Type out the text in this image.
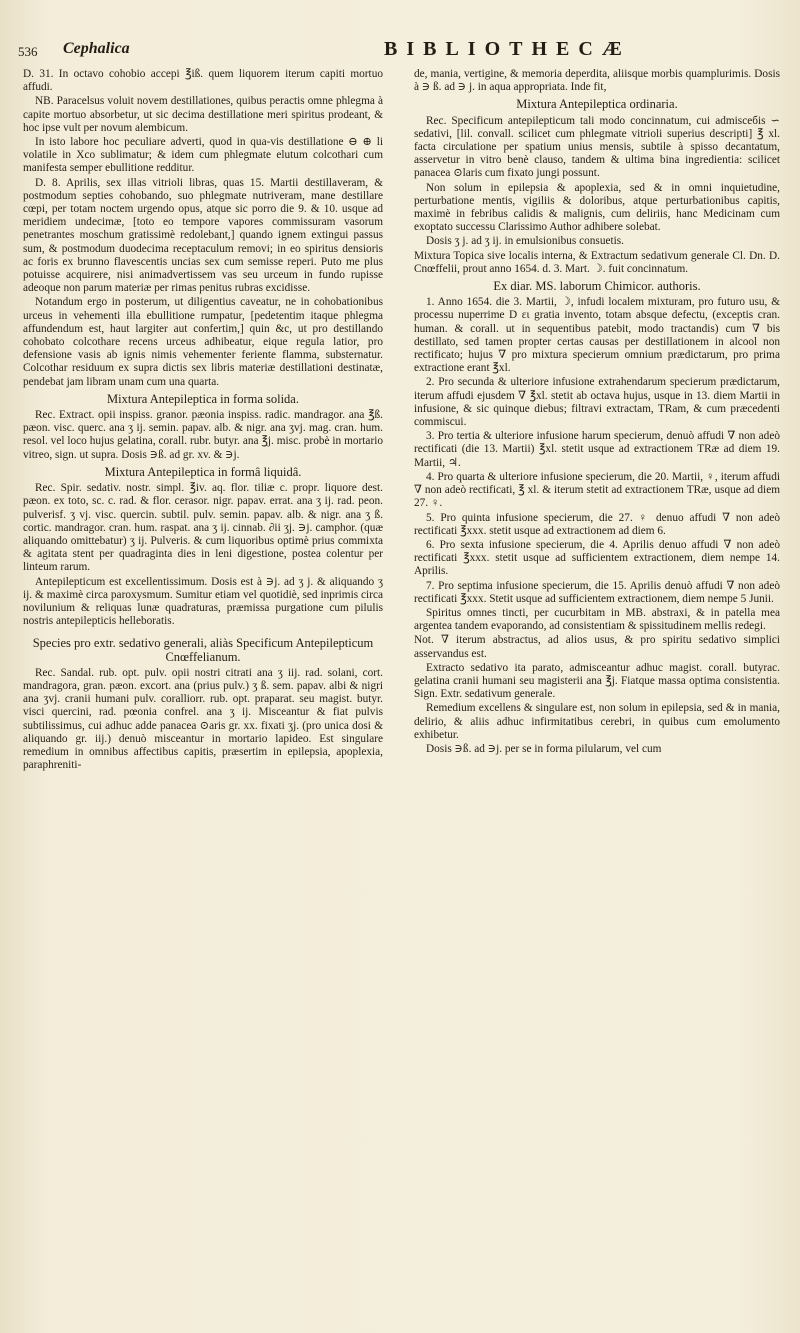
536 Cephalica	BIBLIOTHECÆ

D. 31. In octavo cohobio accepi ℥iß. quem liquorem iterum capiti mortuo affudi.

NB. Paracelsus voluit novem destillationes, quibus peractis omne phlegma à capite mortuo absorbetur, ut sic decima destillatione meri spiritus prodeant, & hoc ipse vult per novum alembicum.

In isto labore hoc peculiare adverti, quod in qua-vis destillatione ⊖ ⊕ li volatile in Xco sublimatur; & idem cum phlegmate elutum colcothari cum manifesta semper ebullitione redditur.

D. 8. Aprilis, sex illas vitrioli libras, quas 15. Martii destillaveram, & postmodum septies cohobando, suo phlegmate nutriveram, mane destillare cœpi, per totam noctem urgendo opus, atque sic porro die 9. & 10. usque ad meridiem undecimæ, [toto eo tempore vapores commissuram vasorum penetrantes moschum gratissimè redolebant,] quando ignem extingui passus sum, & postmodum duodecima receptaculum removi; in eo spiritus densioris ac foris ex brunno flavescentis uncias sex cum semisse reperi. Puto me plus potuisse acquirere, nisi animadvertissem vas seu urceum in fundo rupisse adeoque non parum materiæ per rimas penitus rubras excidisse.

Notandum ergo in posterum, ut diligentius caveatur, ne in cohobationibus urceus in vehementi illa ebullitione rumpatur, [pedetentim itaque phlegma affundendum est, haut largiter aut confertim,] quin &c, ut pro destillando cohobato colcothare recens urceus adhibeatur, eique regula latior, pro defensione vasis ab ignis nimis vehementer feriente flamma, substernatur. Colcothar residuum ex supra dictis sex libris materiæ destillationi destinatæ, pendebat jam libram unam cum una quarta.

Mixtura Antepileptica in forma solida.

Rec. Extract. opii inspiss. granor. pæonia inspiss. radic. mandragor. ana ℥ß. pæon. visc. querc. ana ʒ ij. semin. papav. alb. & nigr. ana ʒvj. mag. cran. hum. resol. vel loco hujus gelatina, corall. rubr. butyr. ana ℥j. misc. probè in mortario vitreo, sign. ut supra. Dosis ∋ß. ad gr. xv. & ∋j.

Mixtura Antepileptica in formâ liquidâ.

Rec. Spir. sedativ. nostr. simpl. ℥iv. aq. flor. tiliæ c. propr. liquore dest. pæon. ex toto, sc. c. rad. & flor. cerasor. nigr. papav. errat. ana ʒ ij. rad. peon. pulverisf. ʒ vj. visc. quercin. subtil. pulv. semin. papav. alb. & nigr. ana ʒ ß. cortic. mandragor. cran. hum. raspat. ana ʒ ij. cinnab. ∂ii ʒj. ∋j. camphor. (quæ aliquando omittebatur) ʒ ij. Pulveris. & cum liquoribus optimè prius commixta & agitata stent per quadraginta dies in leni digestione, postea colentur per linteum rarum.

Antepilepticum est excellentissimum. Dosis est à ∋j. ad ʒ j. & aliquando ʒ ij. & maximè circa paroxysmum. Sumitur etiam vel quotidiè, sed inprimis circa novilunium & reliquas lunæ quadraturas, præmissa purgatione cum pilulis nostris antepilepticis helleboratis.

Species pro extr. sedativo generali, aliàs Specificum Antepilepticum Cnœffelianum.

Rec. Sandal. rub. opt. pulv. opii nostri citrati ana ʒ iij. rad. solani, cort. mandragora, gran. pæon. excort. ana (prius pulv.) ʒ ß. sem. papav. albi & nigri ana ʒvj. cranii humani pulv. coralliorr. rub. opt. praparat. seu magist. butyr. visci quercini, rad. pœonia confrel. ana ʒ ij. Misceantur & fiat pulvis subtilissimus, cui adhuc adde panacea ⊙aris gr. xx. fixati ʒj. (pro unica dosi & aliquando gr. iij.) denuò misceantur in mortario lapideo. Est singulare remedium in omnibus affectibus capitis, præsertim in epilepsia, apoplexia, paraphreniti-

de, mania, vertigine, & memoria deperdita, aliisque morbis quamplurimis. Dosis à ∋ ß. ad ∋ j. in aqua appropriata. Inde fit,

Mixtura Antepileptica ordinaria.

Rec. Specificum antepilepticum tali modo concinnatum, cui admisceбis ∽ sedativi, [lil. convall. scilicet cum phlegmate vitrioli superius descripti] ℥ xl. facta circulatione per spatium unius mensis, subtile à spisso decantatum, asservetur in vitro benè clauso, tandem & ultima bina ingredientia: scilicet panacea ⊙laris cum fixato jungi possunt.

Non solum in epilepsia & apoplexia, sed & in omni inquietudine, perturbatione mentis, vigiliis & doloribus, atque perturbationibus capitis, maximè in febribus calidis & malignis, cum deliriis, hanc Medicinam cum exoptato successu Clarissimo Author adhibere solebat.

Dosis ʒ j. ad ʒ ij. in emulsionibus consuetis.

Mixtura Topica sive localis interna, & Extractum sedativum generale Cl. Dn. D. Cnœffelii, prout anno 1654. d. 3. Mart. ☽. fuit concinnatum.

Ex diar. MS. laborum Chimicor. authoris.

1. Anno 1654. die 3. Martii, ☽, infudi localem mixturam, pro futuro usu, & processu nuperrime D ει gratia invento, totam absque defectu, (exceptis cran. human. & corall. ut in sequentibus patebit, modo tractandis) cum ∇ bis destillato, sed tamen propter certas causas per destillationem in alcool non rectificato; hujus ∇ pro mixtura specierum omnium prædictarum, pro prima extractione erant ℥xl.

2. Pro secunda & ulteriore infusione extrahendarum specierum prædictarum, iterum affudi ejusdem ∇ ℥xl. stetit ab octava hujus, usque in 13. diem Martii in infusione, & sic quinque diebus; filtravi extractam, TRam, & cum præcedenti commiscui.

3. Pro tertia & ulteriore infusione harum specierum, denuò affudi ∇ non adeò rectificati (die 13. Martii) ℥xl. stetit usque ad extractionem TRæ ad diem 19. Martii, ♃.

4. Pro quarta & ulteriore infusione specierum, die 20. Martii, ♀, iterum affudi ∇ non adeò rectificati, ℥ xl. & iterum stetit ad extractionem TRæ, usque ad diem 27. ♀.

5. Pro quinta infusione specierum, die 27. ♀ denuo affudi ∇ non adeò rectificati ℥xxx. stetit usque ad extractionem ad diem 6.

6. Pro sexta infusione specierum, die 4. Aprilis denuo affudi ∇ non adeò rectificati ℥xxx. stetit usque ad sufficientem extractionem, diem nempe 14. Aprilis.

7. Pro septima infusione specierum, die 15. Aprilis denuò affudi ∇ non adeò rectificati ℥xxx. Stetit usque ad sufficientem extractionem, diem nempe 5 Junii.

Spiritus omnes tincti, per cucurbitam in MB. abstraxi, & in patella mea argentea tandem evaporando, ad consistentiam & spissitudinem mellis redegi.

Not. ∇ iterum abstractus, ad alios usus, & pro spiritu sedativo simplici asservandus est.

Extracto sedativo ita parato, admisceantur adhuc magist. corall. butyrac. gelatina cranii humani seu magisterii ana ℥j. Fiatque massa optima consistentia. Sign. Extr. sedativum generale.

Remedium excellens & singulare est, non solum in epilepsia, sed & in mania, delirio, & aliis adhuc infirmitatibus cerebri, in quibus cum emolumento exhibetur.

Dosis ∋ß. ad ∋j. per se in forma pilularum, vel cum
